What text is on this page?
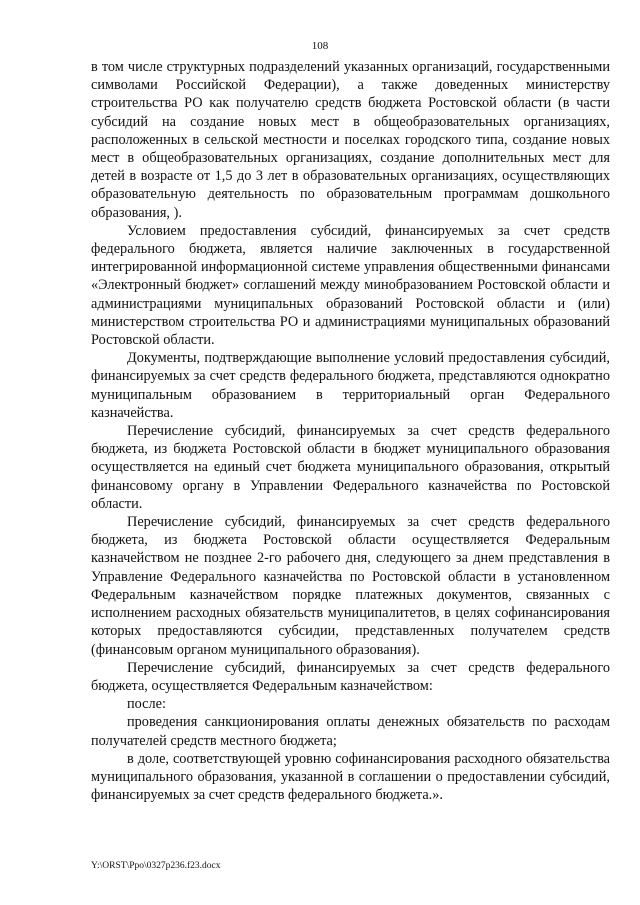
108

в том числе структурных подразделений указанных организаций, государственными символами Российской Федерации), а также доведенных министерству строительства РО как получателю средств бюджета Ростовской области (в части субсидий на создание новых мест в общеобразовательных организациях, расположенных в сельской местности и поселках городского типа, создание новых мест в общеобразовательных организациях, создание дополнительных мест для детей в возрасте от 1,5 до 3 лет в образовательных организациях, осуществляющих образовательную деятельность по образовательным программам дошкольного образования, ).

Условием предоставления субсидий, финансируемых за счет средств федерального бюджета, является наличие заключенных в государственной интегрированной информационной системе управления общественными финансами «Электронный бюджет» соглашений между минобразованием Ростовской области и администрациями муниципальных образований Ростовской области и (или) министерством строительства РО и администрациями муниципальных образований Ростовской области.

Документы, подтверждающие выполнение условий предоставления субсидий, финансируемых за счет средств федерального бюджета, представляются однократно муниципальным образованием в территориальный орган Федерального казначейства.

Перечисление субсидий, финансируемых за счет средств федерального бюджета, из бюджета Ростовской области в бюджет муниципального образования осуществляется на единый счет бюджета муниципального образования, открытый финансовому органу в Управлении Федерального казначейства по Ростовской области.

Перечисление субсидий, финансируемых за счет средств федерального бюджета, из бюджета Ростовской области осуществляется Федеральным казначейством не позднее 2-го рабочего дня, следующего за днем представления в Управление Федерального казначейства по Ростовской области в установленном Федеральным казначейством порядке платежных документов, связанных с исполнением расходных обязательств муниципалитетов, в целях софинансирования которых предоставляются субсидии, представленных получателем средств (финансовым органом муниципального образования).

Перечисление субсидий, финансируемых за счет средств федерального бюджета, осуществляется Федеральным казначейством:

после:

проведения санкционирования оплаты денежных обязательств по расходам получателей средств местного бюджета;

в доле, соответствующей уровню софинансирования расходного обязательства муниципального образования, указанной в соглашении о предоставлении субсидий, финансируемых за счет средств федерального бюджета.».

Y:\ORST\Ppo\0327p236.f23.docx
